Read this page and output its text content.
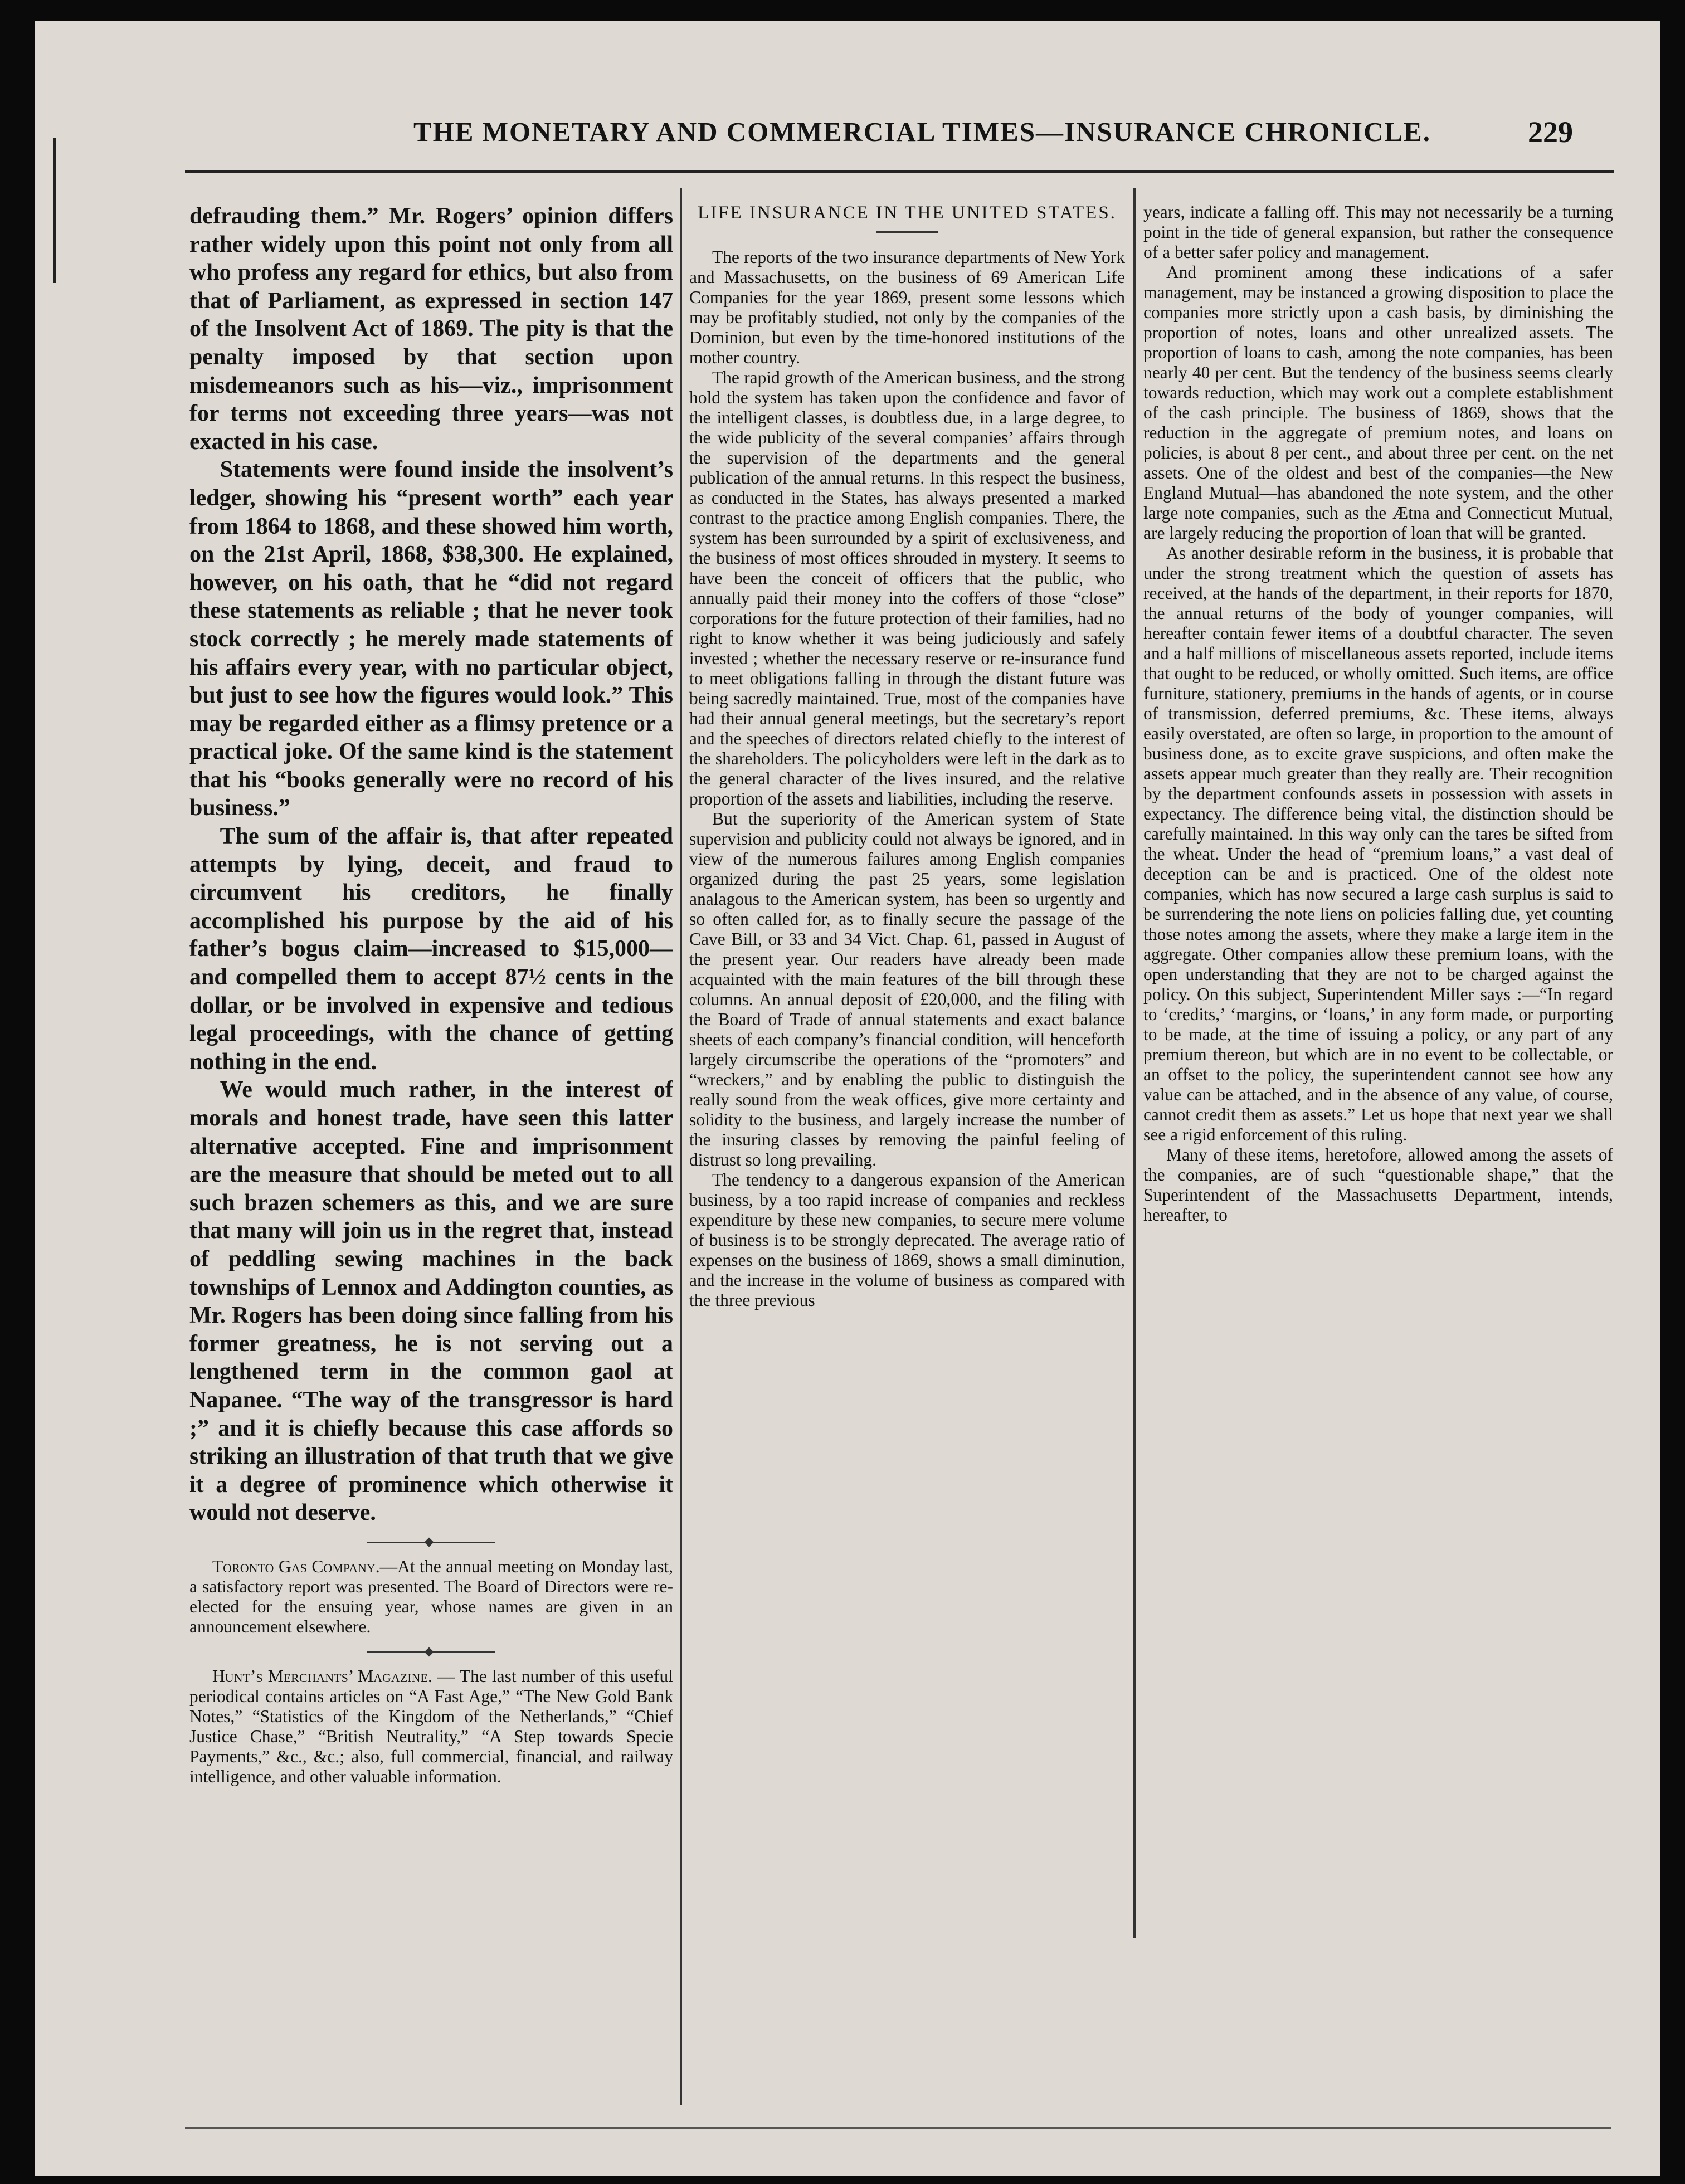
THE MONETARY AND COMMERCIAL TIMES—INSURANCE CHRONICLE.	229

defrauding them.” Mr. Rogers’ opinion differs rather widely upon this point not only from all who profess any regard for ethics, but also from that of Parliament, as expressed in section 147 of the Insolvent Act of 1869. The pity is that the penalty imposed by that section upon misdemeanors such as his—viz., imprisonment for terms not exceeding three years—was not exacted in his case.

Statements were found inside the insolvent’s ledger, showing his “present worth” each year from 1864 to 1868, and these showed him worth, on the 21st April, 1868, $38,300. He explained, however, on his oath, that he “did not regard these statements as reliable ; that he never took stock correctly ; he merely made statements of his affairs every year, with no particular object, but just to see how the figures would look.” This may be regarded either as a flimsy pretence or a practical joke. Of the same kind is the statement that his “books generally were no record of his business.”

The sum of the affair is, that after repeated attempts by lying, deceit, and fraud to circumvent his creditors, he finally accomplished his purpose by the aid of his father’s bogus claim—increased to $15,000—and compelled them to accept 87½ cents in the dollar, or be involved in expensive and tedious legal proceedings, with the chance of getting nothing in the end.

We would much rather, in the interest of morals and honest trade, have seen this latter alternative accepted. Fine and imprisonment are the measure that should be meted out to all such brazen schemers as this, and we are sure that many will join us in the regret that, instead of peddling sewing machines in the back townships of Lennox and Addington counties, as Mr. Rogers has been doing since falling from his former greatness, he is not serving out a lengthened term in the common gaol at Napanee. “The way of the transgressor is hard ;” and it is chiefly because this case affords so striking an illustration of that truth that we give it a degree of prominence which otherwise it would not deserve.

Toronto Gas Company.—At the annual meeting on Monday last, a satisfactory report was presented. The Board of Directors were re-elected for the ensuing year, whose names are given in an announcement elsewhere.

Hunt’s Merchants’ Magazine. — The last number of this useful periodical contains articles on “A Fast Age,” “The New Gold Bank Notes,” “Statistics of the Kingdom of the Netherlands,” “Chief Justice Chase,” “British Neutrality,” “A Step towards Specie Payments,” &c., &c.; also, full commercial, financial, and railway intelligence, and other valuable information.

LIFE INSURANCE IN THE UNITED STATES.

The reports of the two insurance departments of New York and Massachusetts, on the business of 69 American Life Companies for the year 1869, present some lessons which may be profitably studied, not only by the companies of the Dominion, but even by the time-honored institutions of the mother country.

The rapid growth of the American business, and the strong hold the system has taken upon the confidence and favor of the intelligent classes, is doubtless due, in a large degree, to the wide publicity of the several companies’ affairs through the supervision of the departments and the general publication of the annual returns. In this respect the business, as conducted in the States, has always presented a marked contrast to the practice among English companies. There, the system has been surrounded by a spirit of exclusiveness, and the business of most offices shrouded in mystery. It seems to have been the conceit of officers that the public, who annually paid their money into the coffers of those “close” corporations for the future protection of their families, had no right to know whether it was being judiciously and safely invested ; whether the necessary reserve or re-insurance fund to meet obligations falling in through the distant future was being sacredly maintained. True, most of the companies have had their annual general meetings, but the secretary’s report and the speeches of directors related chiefly to the interest of the shareholders. The policyholders were left in the dark as to the general character of the lives insured, and the relative proportion of the assets and liabilities, including the reserve.

But the superiority of the American system of State supervision and publicity could not always be ignored, and in view of the numerous failures among English companies organized during the past 25 years, some legislation analagous to the American system, has been so urgently and so often called for, as to finally secure the passage of the Cave Bill, or 33 and 34 Vict. Chap. 61, passed in August of the present year. Our readers have already been made acquainted with the main features of the bill through these columns. An annual deposit of £20,000, and the filing with the Board of Trade of annual statements and exact balance sheets of each company’s financial condition, will henceforth largely circumscribe the operations of the “promoters” and “wreckers,” and by enabling the public to distinguish the really sound from the weak offices, give more certainty and solidity to the business, and largely increase the number of the insuring classes by removing the painful feeling of distrust so long prevailing.

The tendency to a dangerous expansion of the American business, by a too rapid increase of companies and reckless expenditure by these new companies, to secure mere volume of business is to be strongly deprecated. The average ratio of expenses on the business of 1869, shows a small diminution, and the increase in the volume of business as compared with the three previous

years, indicate a falling off. This may not necessarily be a turning point in the tide of general expansion, but rather the consequence of a better safer policy and management.

And prominent among these indications of a safer management, may be instanced a growing disposition to place the companies more strictly upon a cash basis, by diminishing the proportion of notes, loans and other unrealized assets. The proportion of loans to cash, among the note companies, has been nearly 40 per cent. But the tendency of the business seems clearly towards reduction, which may work out a complete establishment of the cash principle. The business of 1869, shows that the reduction in the aggregate of premium notes, and loans on policies, is about 8 per cent., and about three per cent. on the net assets. One of the oldest and best of the companies—the New England Mutual—has abandoned the note system, and the other large note companies, such as the Ætna and Connecticut Mutual, are largely reducing the proportion of loan that will be granted.

As another desirable reform in the business, it is probable that under the strong treatment which the question of assets has received, at the hands of the department, in their reports for 1870, the annual returns of the body of younger companies, will hereafter contain fewer items of a doubtful character. The seven and a half millions of miscellaneous assets reported, include items that ought to be reduced, or wholly omitted. Such items, are office furniture, stationery, premiums in the hands of agents, or in course of transmission, deferred premiums, &c. These items, always easily overstated, are often so large, in proportion to the amount of business done, as to excite grave suspicions, and often make the assets appear much greater than they really are. Their recognition by the department confounds assets in possession with assets in expectancy. The difference being vital, the distinction should be carefully maintained. In this way only can the tares be sifted from the wheat. Under the head of “premium loans,” a vast deal of deception can be and is practiced. One of the oldest note companies, which has now secured a large cash surplus is said to be surrendering the note liens on policies falling due, yet counting those notes among the assets, where they make a large item in the aggregate. Other companies allow these premium loans, with the open understanding that they are not to be charged against the policy. On this subject, Superintendent Miller says :—“In regard to ‘credits,’ ‘margins, or ‘loans,’ in any form made, or purporting to be made, at the time of issuing a policy, or any part of any premium thereon, but which are in no event to be collectable, or an offset to the policy, the superintendent cannot see how any value can be attached, and in the absence of any value, of course, cannot credit them as assets.” Let us hope that next year we shall see a rigid enforcement of this ruling.

Many of these items, heretofore, allowed among the assets of the companies, are of such “questionable shape,” that the Superintendent of the Massachusetts Department, intends, hereafter, to
